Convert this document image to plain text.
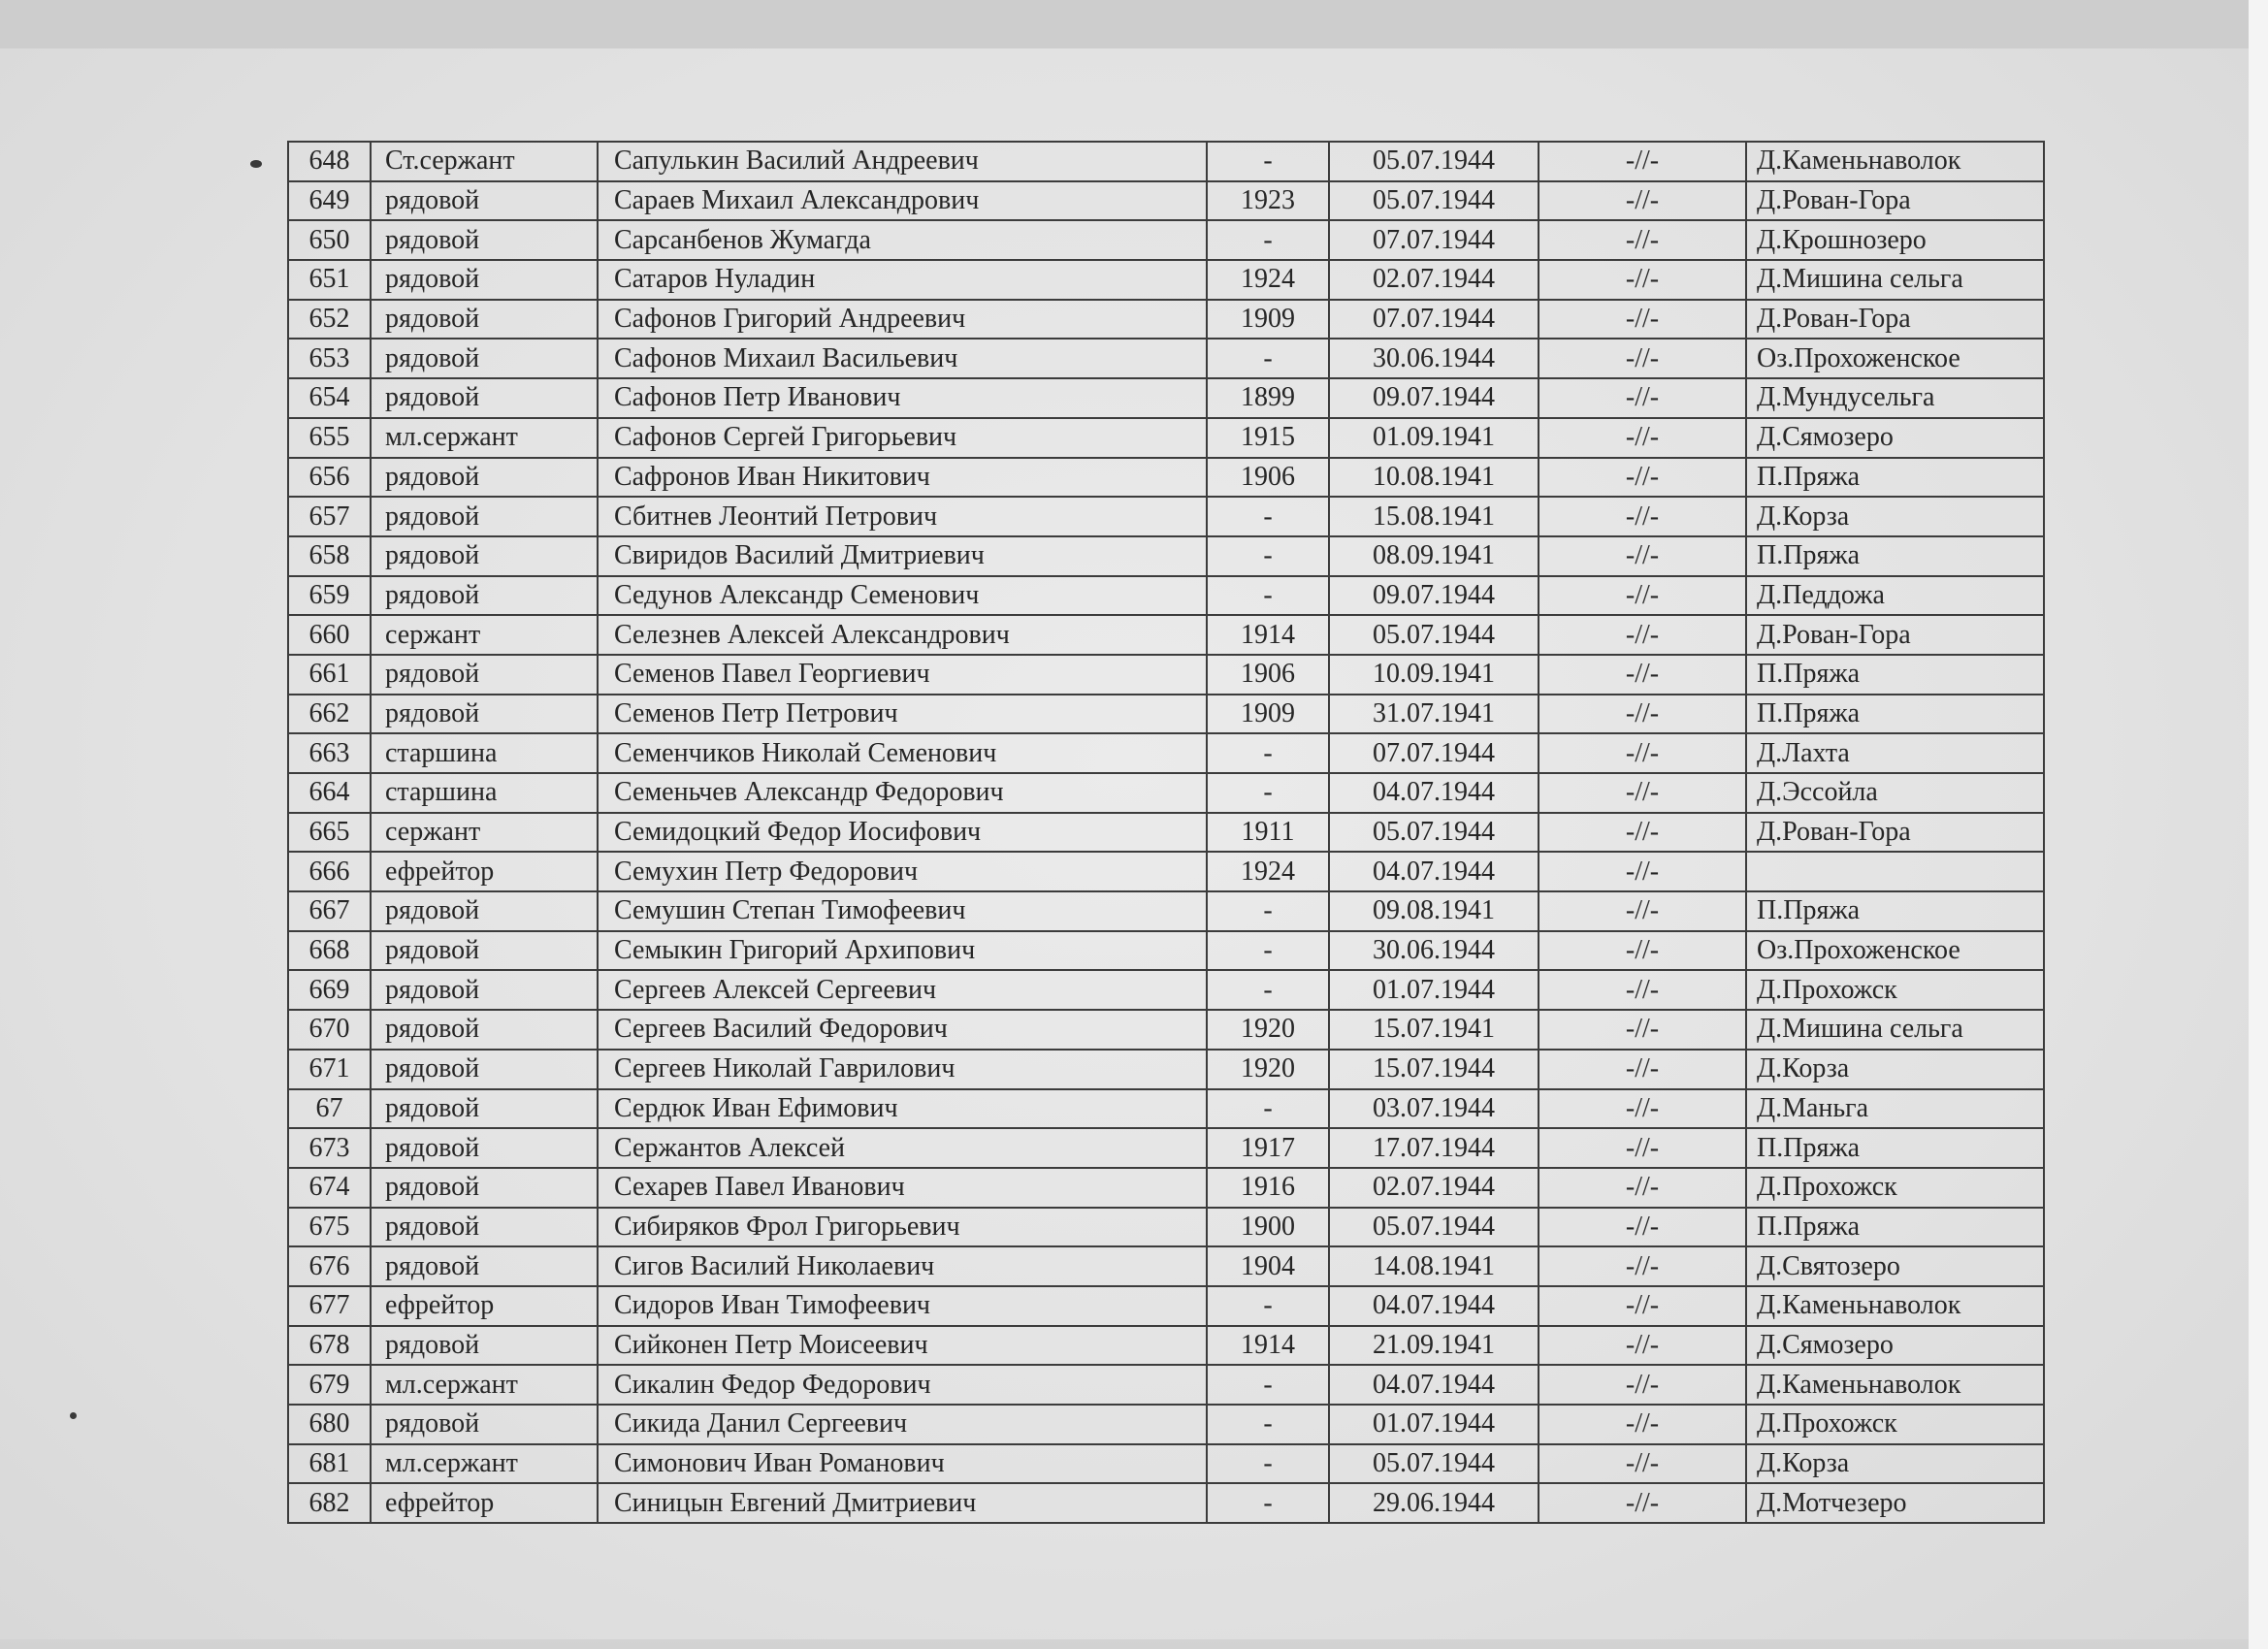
648	Ст.сержант	Сапулькин Василий Андреевич	-	05.07.1944	-//-	Д.Каменьнаволок
649	рядовой	Сараев Михаил Александрович	1923	05.07.1944	-//-	Д.Рован-Гора
650	рядовой	Сарсанбенов Жумагда	-	07.07.1944	-//-	Д.Крошнозеро
651	рядовой	Сатаров Нуладин	1924	02.07.1944	-//-	Д.Мишина сельга
652	рядовой	Сафонов Григорий Андреевич	1909	07.07.1944	-//-	Д.Рован-Гора
653	рядовой	Сафонов Михаил Васильевич	-	30.06.1944	-//-	Оз.Прохоженское
654	рядовой	Сафонов Петр Иванович	1899	09.07.1944	-//-	Д.Мундусельга
655	мл.сержант	Сафонов Сергей Григорьевич	1915	01.09.1941	-//-	Д.Сямозеро
656	рядовой	Сафронов Иван Никитович	1906	10.08.1941	-//-	П.Пряжа
657	рядовой	Сбитнев Леонтий Петрович	-	15.08.1941	-//-	Д.Корза
658	рядовой	Свиридов Василий Дмитриевич	-	08.09.1941	-//-	П.Пряжа
659	рядовой	Седунов Александр Семенович	-	09.07.1944	-//-	Д.Педдожа
660	сержант	Селезнев Алексей Александрович	1914	05.07.1944	-//-	Д.Рован-Гора
661	рядовой	Семенов Павел Георгиевич	1906	10.09.1941	-//-	П.Пряжа
662	рядовой	Семенов Петр Петрович	1909	31.07.1941	-//-	П.Пряжа
663	старшина	Семенчиков Николай Семенович	-	07.07.1944	-//-	Д.Лахта
664	старшина	Семеньчев Александр Федорович	-	04.07.1944	-//-	Д.Эссойла
665	сержант	Семидоцкий Федор Иосифович	1911	05.07.1944	-//-	Д.Рован-Гора
666	ефрейтор	Семухин Петр Федорович	1924	04.07.1944	-//-	
667	рядовой	Семушин Степан Тимофеевич	-	09.08.1941	-//-	П.Пряжа
668	рядовой	Семыкин Григорий Архипович	-	30.06.1944	-//-	Оз.Прохоженское
669	рядовой	Сергеев Алексей Сергеевич	-	01.07.1944	-//-	Д.Прохожск
670	рядовой	Сергеев Василий Федорович	1920	15.07.1941	-//-	Д.Мишина сельга
671	рядовой	Сергеев Николай Гаврилович	1920	15.07.1944	-//-	Д.Корза
67	рядовой	Сердюк Иван Ефимович	-	03.07.1944	-//-	Д.Маньга
673	рядовой	Сержантов Алексей	1917	17.07.1944	-//-	П.Пряжа
674	рядовой	Сехарев Павел Иванович	1916	02.07.1944	-//-	Д.Прохожск
675	рядовой	Сибиряков Фрол Григорьевич	1900	05.07.1944	-//-	П.Пряжа
676	рядовой	Сигов Василий Николаевич	1904	14.08.1941	-//-	Д.Святозеро
677	ефрейтор	Сидоров Иван Тимофеевич	-	04.07.1944	-//-	Д.Каменьнаволок
678	рядовой	Сийконен Петр Моисеевич	1914	21.09.1941	-//-	Д.Сямозеро
679	мл.сержант	Сикалин Федор Федорович	-	04.07.1944	-//-	Д.Каменьнаволок
680	рядовой	Сикида Данил Сергеевич	-	01.07.1944	-//-	Д.Прохожск
681	мл.сержант	Симонович Иван Романович	-	05.07.1944	-//-	Д.Корза
682	ефрейтор	Синицын Евгений Дмитриевич	-	29.06.1944	-//-	Д.Мотчезеро
